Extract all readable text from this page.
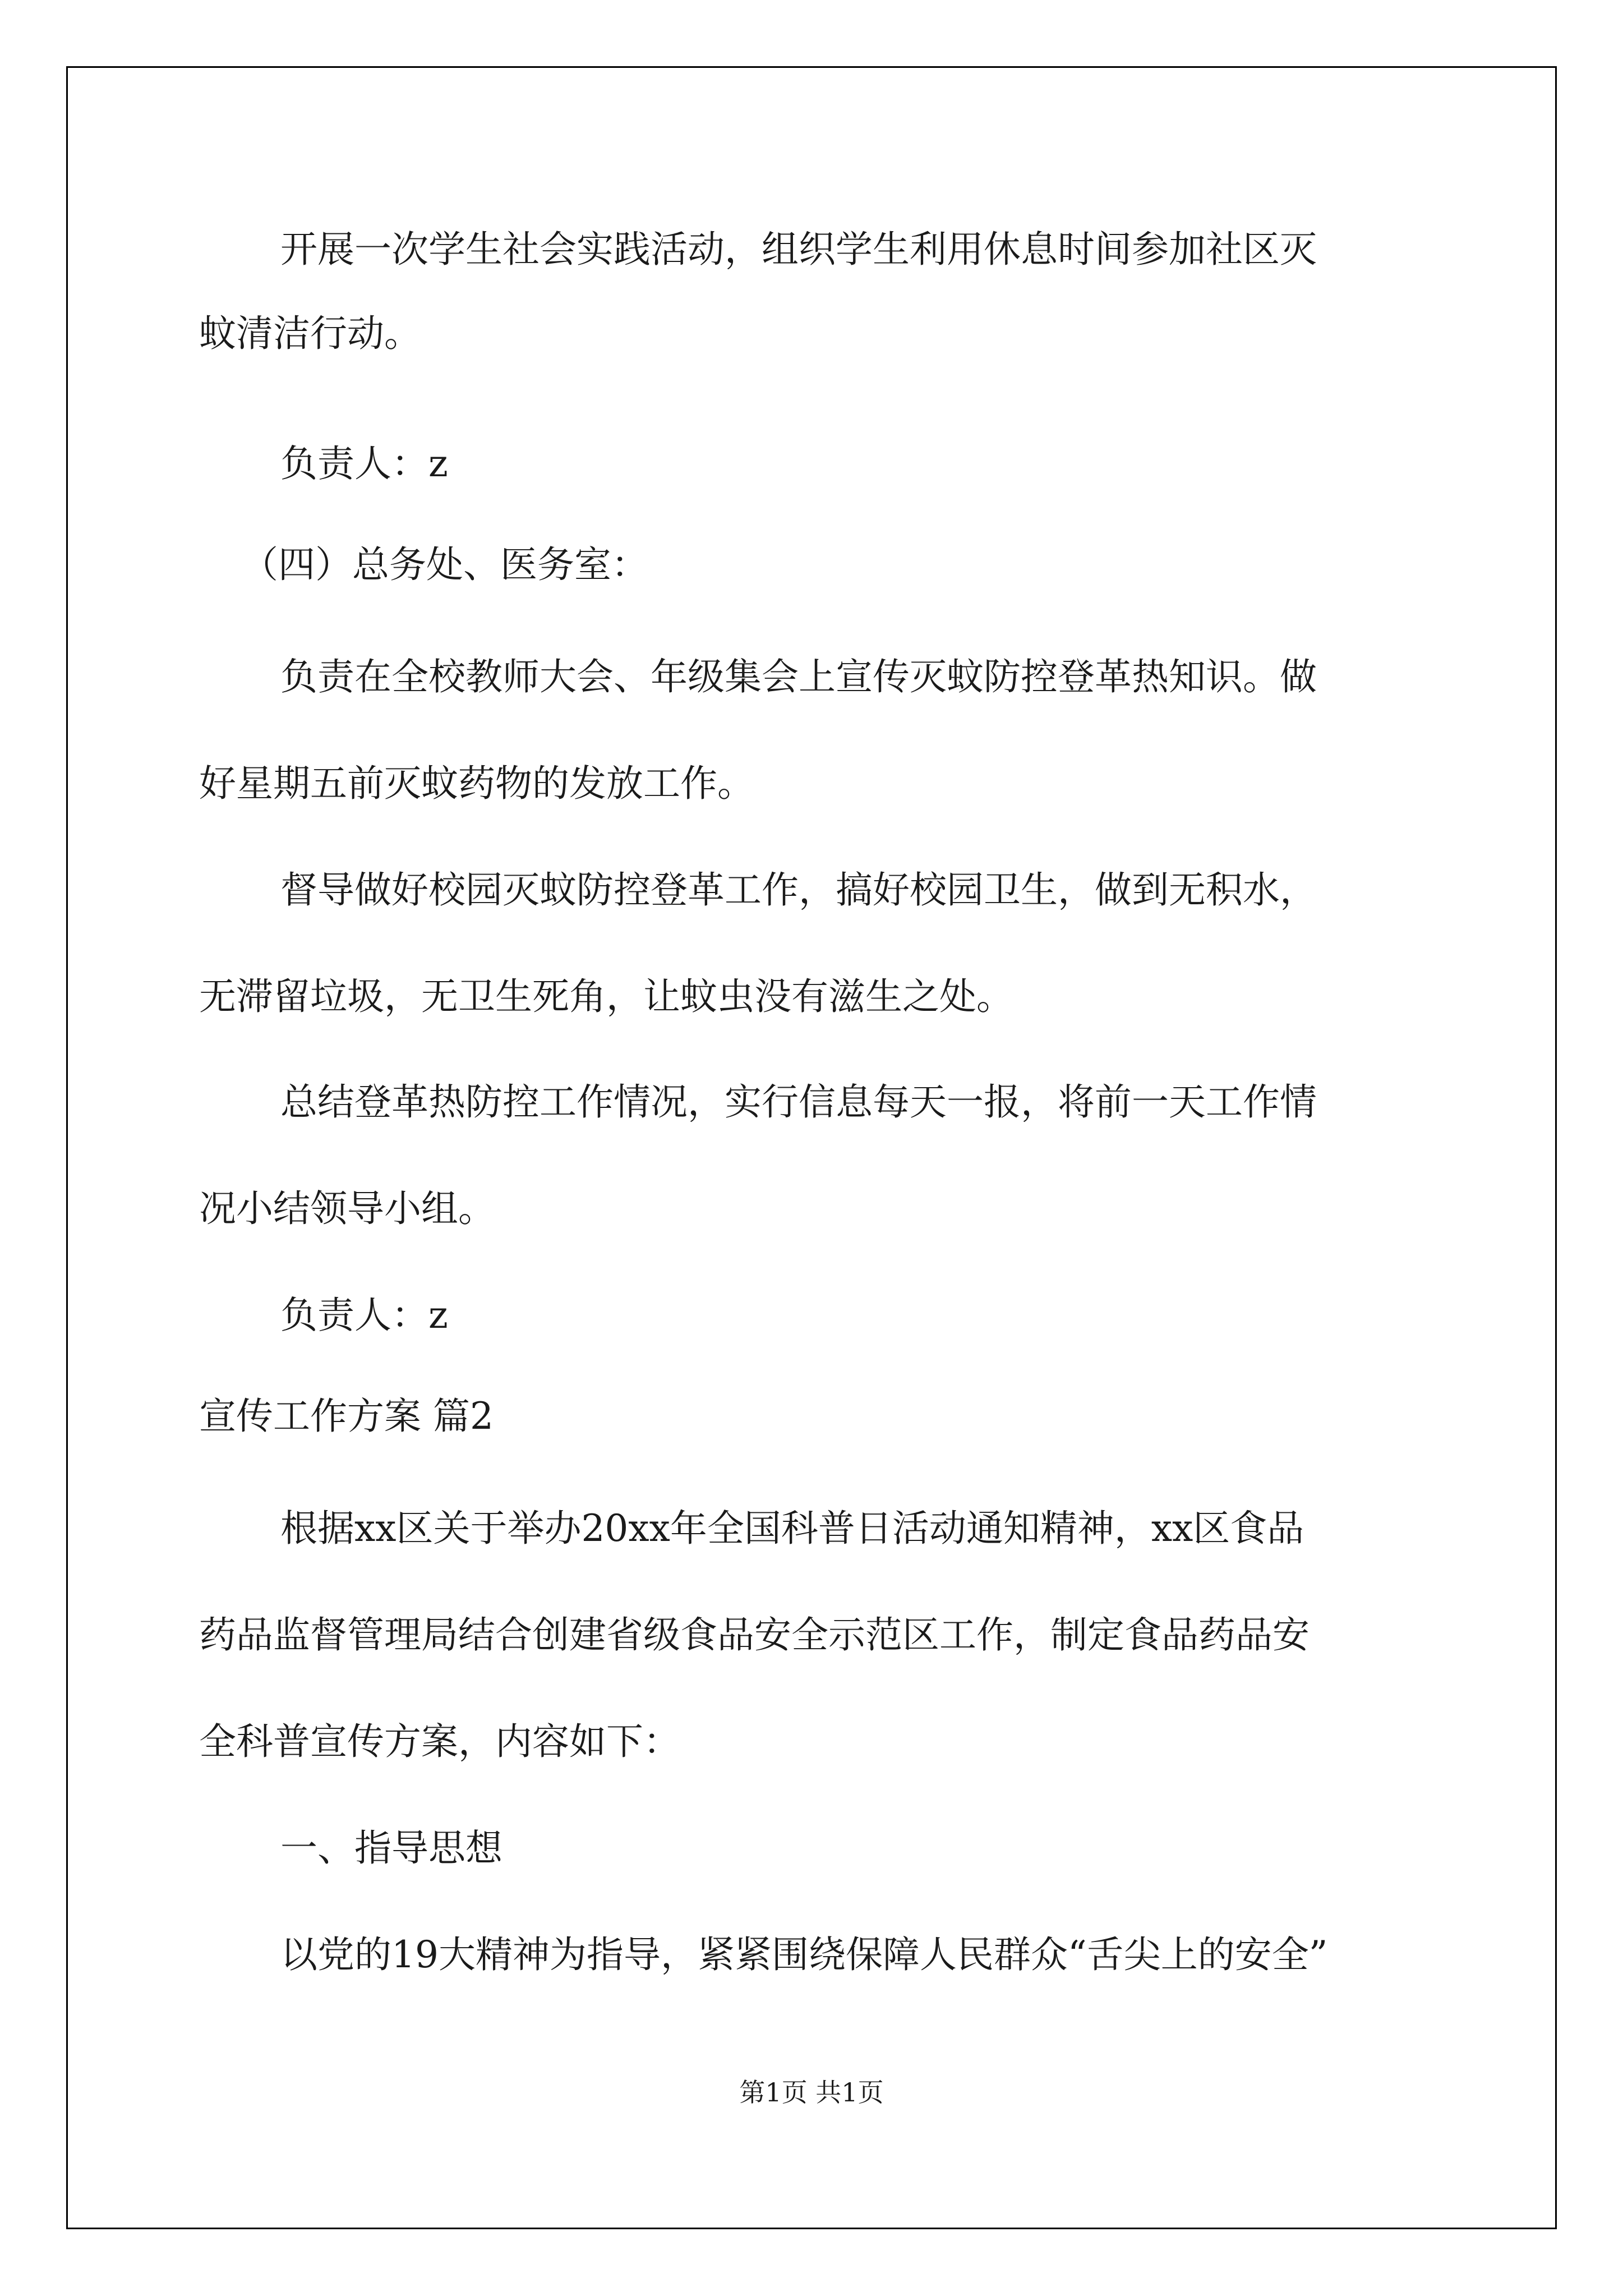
开展一次学生社会实践活动，组织学生利用休息时间参加社区灭
蚊清洁行动。
负责人：z
（四）总务处、医务室：
负责在全校教师大会、年级集会上宣传灭蚊防控登革热知识。做
好星期五前灭蚊药物的发放工作。
督导做好校园灭蚊防控登革工作，搞好校园卫生，做到无积水，
无滞留垃圾，无卫生死角，让蚊虫没有滋生之处。
总结登革热防控工作情况，实行信息每天一报，将前一天工作情
况小结领导小组。
负责人：z
宣传工作方案 篇2
根据xx区关于举办20xx年全国科普日活动通知精神，xx区食品
药品监督管理局结合创建省级食品安全示范区工作，制定食品药品安
全科普宣传方案，内容如下：
一、指导思想
以党的19大精神为指导，紧紧围绕保障人民群众“舌尖上的安全”
第1页 共1页
